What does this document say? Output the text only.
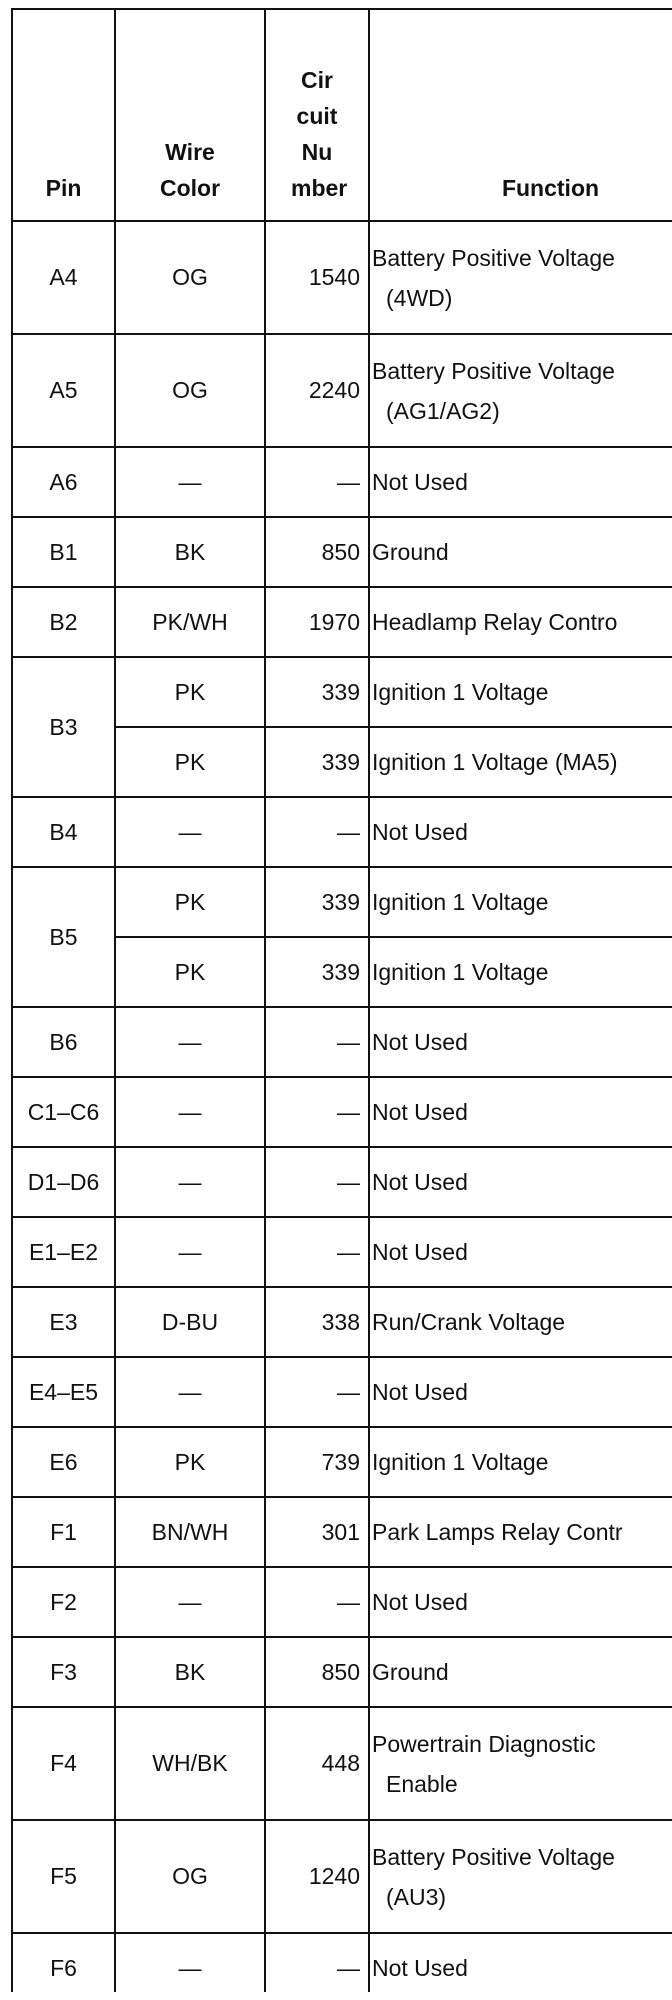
Pin	Wire Color	Cir cuit Nu mber	Function
A4	OG	1540	Battery Positive Voltage
(4WD)

A5	OG	2240	Battery Positive Voltage
(AG1/AG2)

A6	—	—	Not Used
B1	BK	850	Ground
B2	PK/WH	1970	Headlamp Relay Contro
B3	PK	339	Ignition 1 Voltage
	PK	339	Ignition 1 Voltage (MA5)
B4	—	—	Not Used
B5	PK	339	Ignition 1 Voltage
	PK	339	Ignition 1 Voltage
B6	—	—	Not Used
C1–C6	—	—	Not Used
D1–D6	—	—	Not Used
E1–E2	—	—	Not Used
E3	D-BU	338	Run/Crank Voltage
E4–E5	—	—	Not Used
E6	PK	739	Ignition 1 Voltage
F1	BN/WH	301	Park Lamps Relay Contr
F2	—	—	Not Used
F3	BK	850	Ground
F4	WH/BK	448	Powertrain Diagnostic
Enable

F5	OG	1240	Battery Positive Voltage
(AU3)

F6	—	—	Not Used
